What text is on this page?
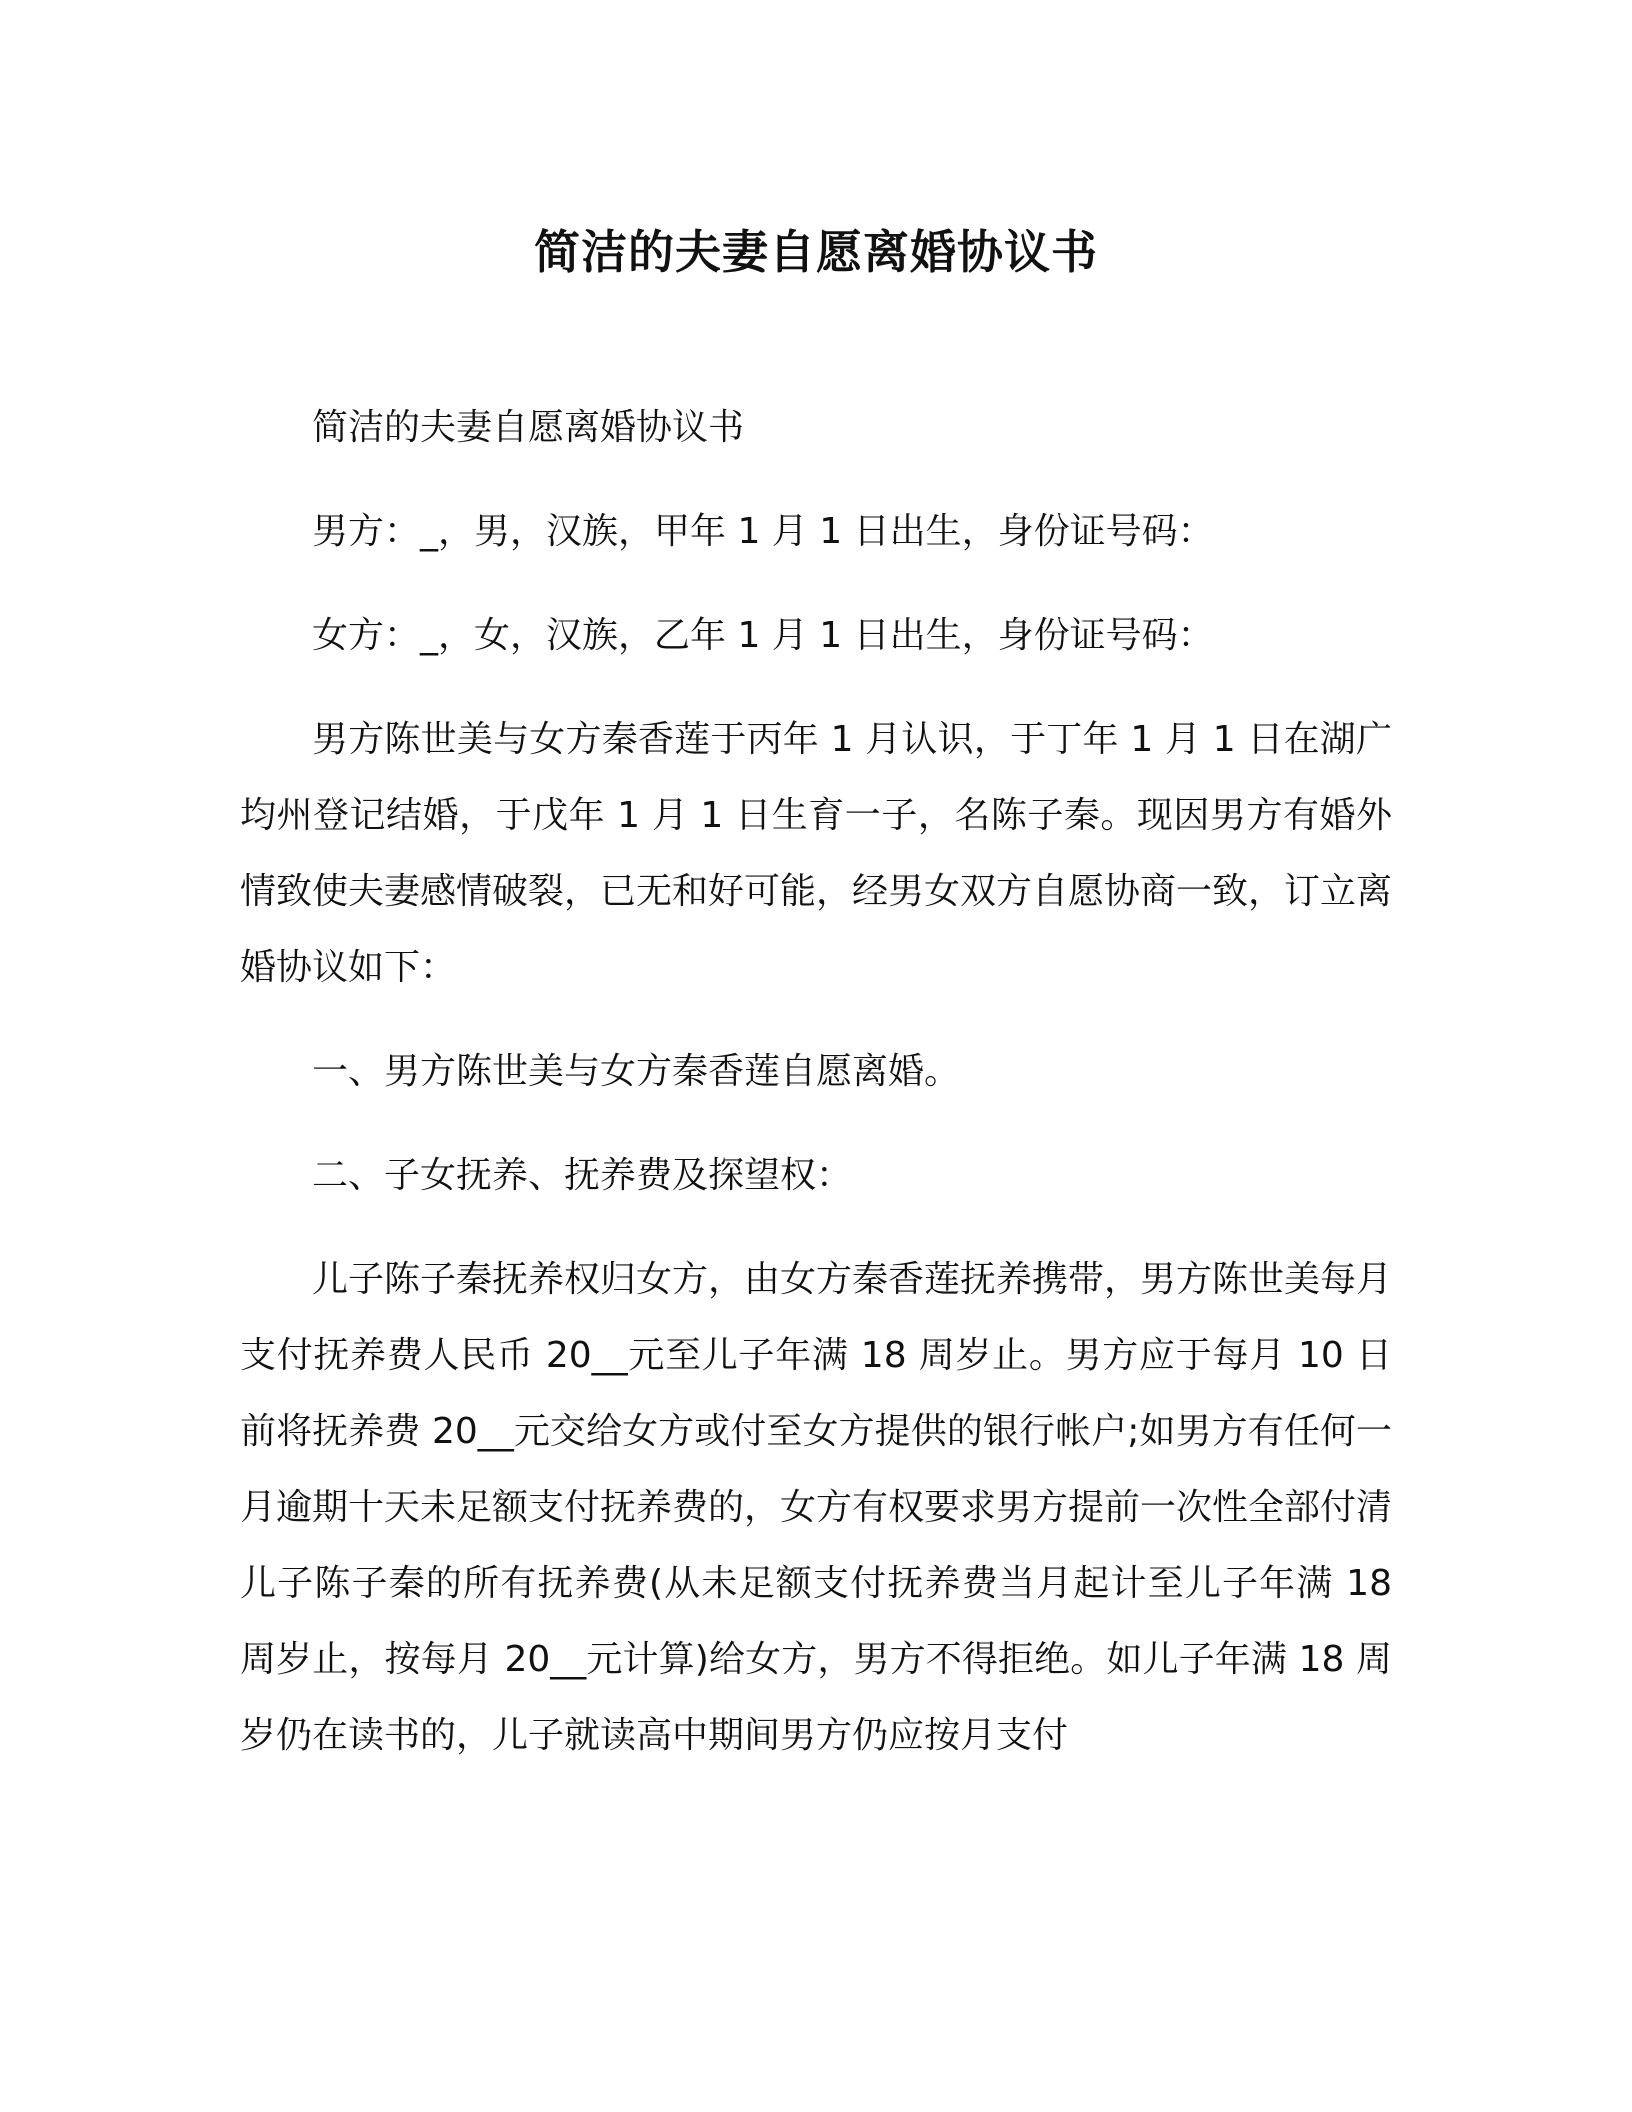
简洁的夫妻自愿离婚协议书

简洁的夫妻自愿离婚协议书

男方：_，男，汉族，甲年 1 月 1 日出生，身份证号码：

女方：_，女，汉族，乙年 1 月 1 日出生，身份证号码：

男方陈世美与女方秦香莲于丙年 1 月认识，于丁年 1 月 1 日在湖广均州登记结婚，于戊年 1 月 1 日生育一子，名陈子秦。现因男方有婚外情致使夫妻感情破裂，已无和好可能，经男女双方自愿协商一致，订立离婚协议如下：

一、男方陈世美与女方秦香莲自愿离婚。

二、子女抚养、抚养费及探望权：

儿子陈子秦抚养权归女方，由女方秦香莲抚养携带，男方陈世美每月支付抚养费人民币 20__元至儿子年满 18 周岁止。男方应于每月 10 日前将抚养费 20__元交给女方或付至女方提供的银行帐户;如男方有任何一月逾期十天未足额支付抚养费的，女方有权要求男方提前一次性全部付清儿子陈子秦的所有抚养费(从未足额支付抚养费当月起计至儿子年满 18 周岁止，按每月 20__元计算)给女方，男方不得拒绝。如儿子年满 18 周岁仍在读书的，儿子就读高中期间男方仍应按月支付
